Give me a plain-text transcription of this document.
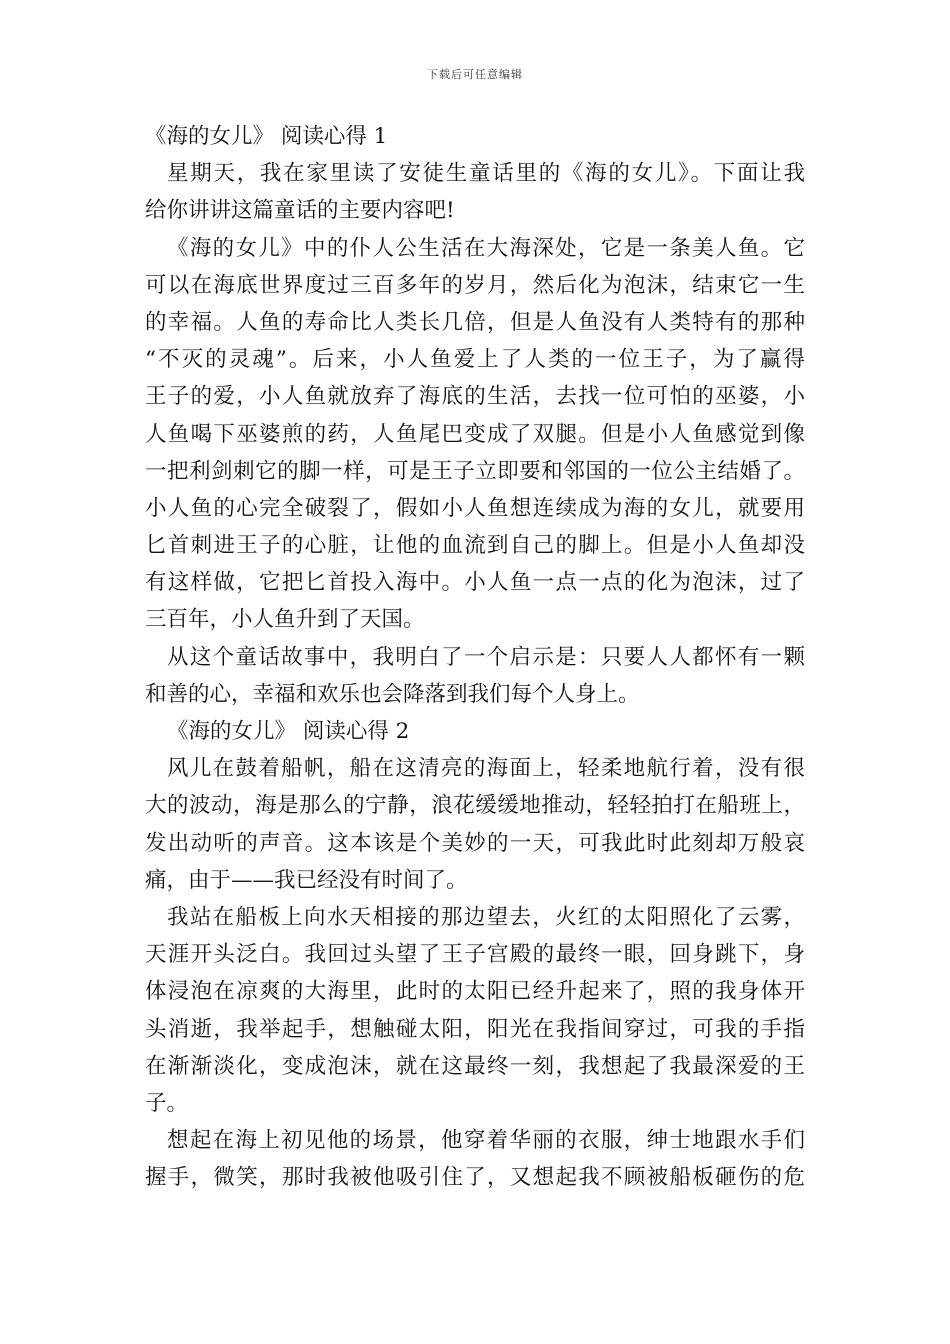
下载后可任意编辑
《海的女儿》 阅读心得 1
星期天，我在家里读了安徒生童话里的《海的女儿》。下面让我
给你讲讲这篇童话的主要内容吧!
《海的女儿》中的仆人公生活在大海深处，它是一条美人鱼。它
可以在海底世界度过三百多年的岁月，然后化为泡沫，结束它一生
的幸福。人鱼的寿命比人类长几倍，但是人鱼没有人类特有的那种
“不灭的灵魂”。后来，小人鱼爱上了人类的一位王子，为了赢得
王子的爱，小人鱼就放弃了海底的生活，去找一位可怕的巫婆，小
人鱼喝下巫婆煎的药，人鱼尾巴变成了双腿。但是小人鱼感觉到像
一把利剑刺它的脚一样，可是王子立即要和邻国的一位公主结婚了。
小人鱼的心完全破裂了，假如小人鱼想连续成为海的女儿，就要用
匕首刺进王子的心脏，让他的血流到自己的脚上。但是小人鱼却没
有这样做，它把匕首投入海中。小人鱼一点一点的化为泡沫，过了
三百年，小人鱼升到了天国。
从这个童话故事中，我明白了一个启示是：只要人人都怀有一颗
和善的心，幸福和欢乐也会降落到我们每个人身上。
《海的女儿》 阅读心得 2
风儿在鼓着船帆，船在这清亮的海面上，轻柔地航行着，没有很
大的波动，海是那么的宁静，浪花缓缓地推动，轻轻拍打在船班上，
发出动听的声音。这本该是个美妙的一天，可我此时此刻却万般哀
痛，由于——我已经没有时间了。
我站在船板上向水天相接的那边望去，火红的太阳照化了云雾，
天涯开头泛白。我回过头望了王子宫殿的最终一眼，回身跳下，身
体浸泡在凉爽的大海里，此时的太阳已经升起来了，照的我身体开
头消逝，我举起手，想触碰太阳，阳光在我指间穿过，可我的手指
在渐渐淡化，变成泡沫，就在这最终一刻，我想起了我最深爱的王
子。
想起在海上初见他的场景，他穿着华丽的衣服，绅士地跟水手们
握手，微笑，那时我被他吸引住了，又想起我不顾被船板砸伤的危
